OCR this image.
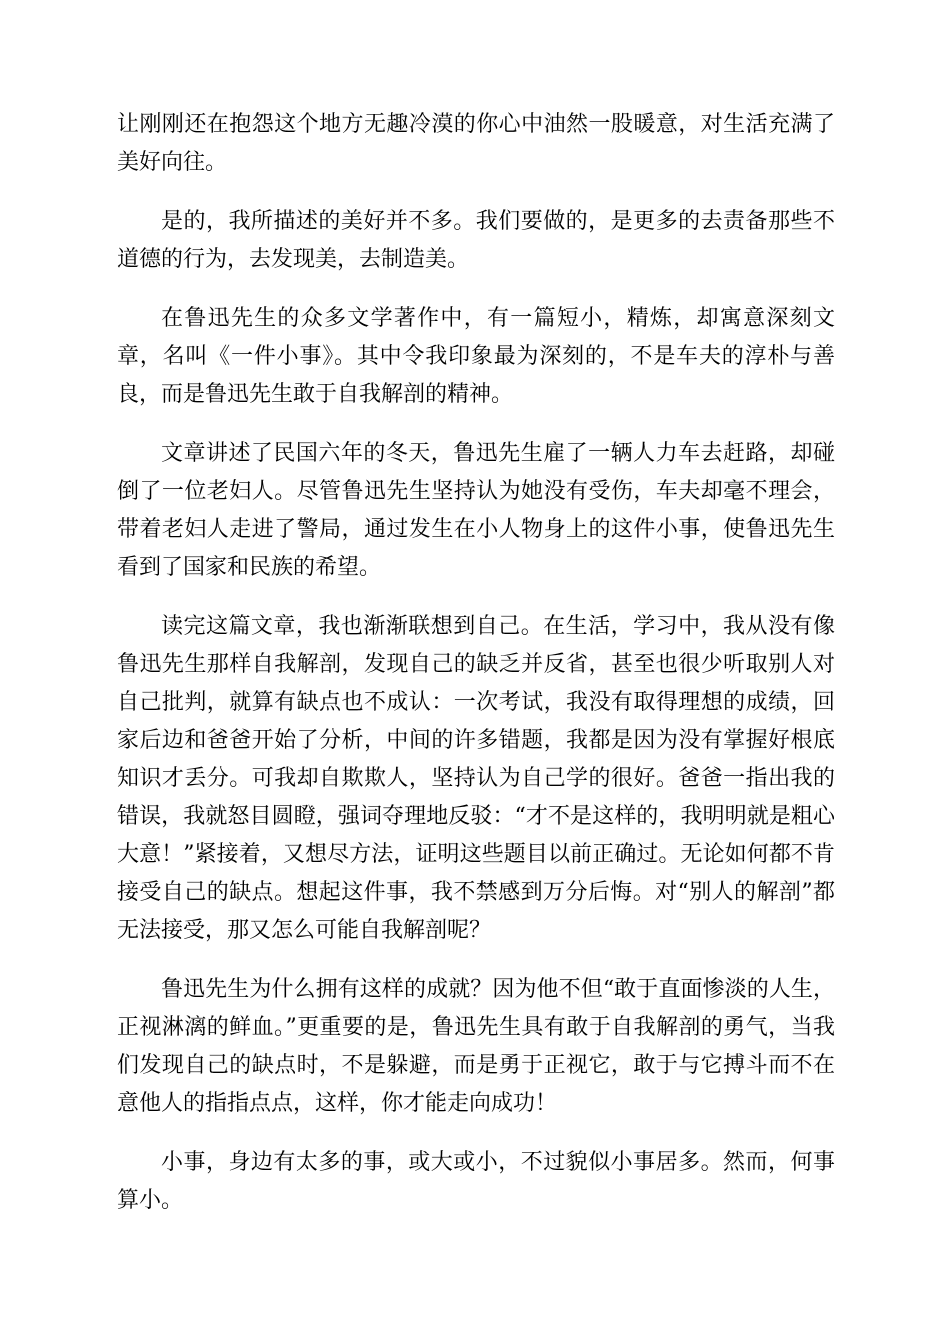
让刚刚还在抱怨这个地方无趣冷漠的你心中油然一股暖意，对生活充满了美好向往。

是的，我所描述的美好并不多。我们要做的，是更多的去责备那些不道德的行为，去发现美，去制造美。

在鲁迅先生的众多文学著作中，有一篇短小，精炼，却寓意深刻文章，名叫《一件小事》。其中令我印象最为深刻的，不是车夫的淳朴与善良，而是鲁迅先生敢于自我解剖的精神。

文章讲述了民国六年的冬天，鲁迅先生雇了一辆人力车去赶路，却碰倒了一位老妇人。尽管鲁迅先生坚持认为她没有受伤，车夫却毫不理会，带着老妇人走进了警局，通过发生在小人物身上的这件小事，使鲁迅先生看到了国家和民族的希望。

读完这篇文章，我也渐渐联想到自己。在生活，学习中，我从没有像鲁迅先生那样自我解剖，发现自己的缺乏并反省，甚至也很少听取别人对自己批判，就算有缺点也不成认：一次考试，我没有取得理想的成绩，回家后边和爸爸开始了分析，中间的许多错题，我都是因为没有掌握好根底知识才丢分。可我却自欺欺人，坚持认为自己学的很好。爸爸一指出我的错误，我就怒目圆瞪，强词夺理地反驳：“才不是这样的，我明明就是粗心大意！”紧接着，又想尽方法，证明这些题目以前正确过。无论如何都不肯接受自己的缺点。想起这件事，我不禁感到万分后悔。对“别人的解剖”都无法接受，那又怎么可能自我解剖呢？

鲁迅先生为什么拥有这样的成就？因为他不但“敢于直面惨淡的人生，正视淋漓的鲜血。”更重要的是，鲁迅先生具有敢于自我解剖的勇气，当我们发现自己的缺点时，不是躲避，而是勇于正视它，敢于与它搏斗而不在意他人的指指点点，这样，你才能走向成功！

小事，身边有太多的事，或大或小，不过貌似小事居多。然而，何事算小。
